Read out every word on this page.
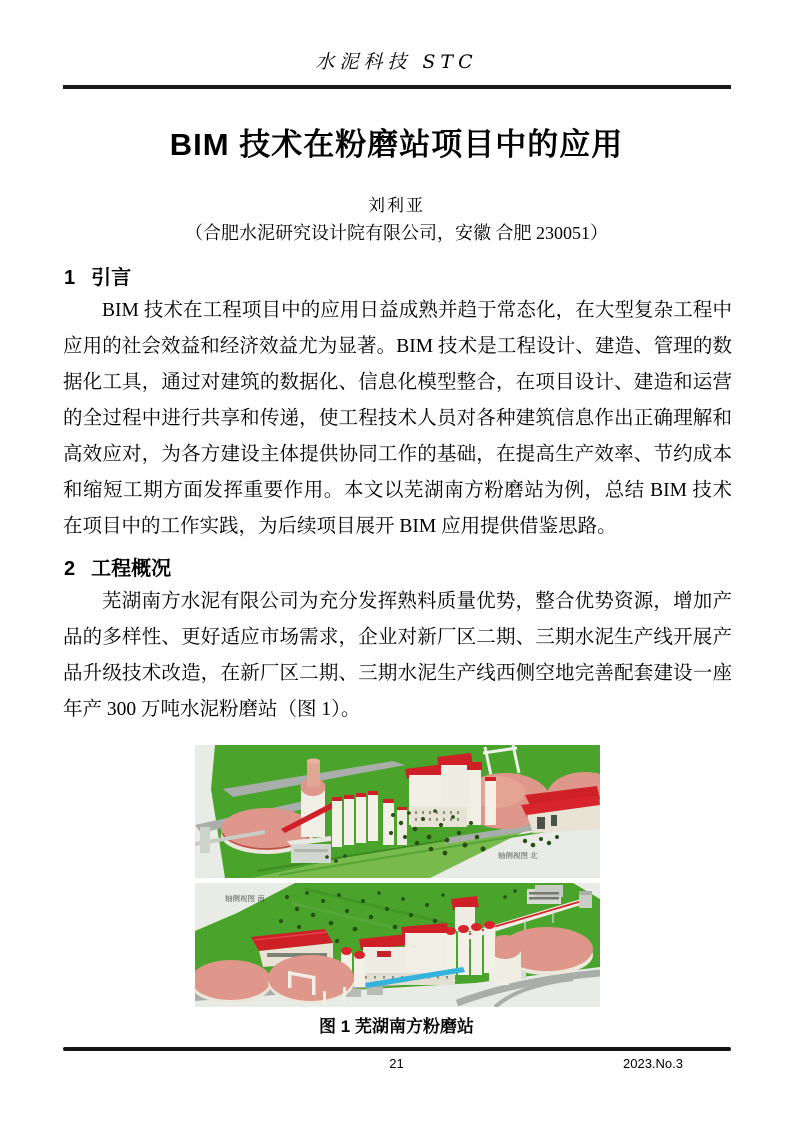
水泥科技 STC
BIM 技术在粉磨站项目中的应用
刘利亚
（合肥水泥研究设计院有限公司，安徽 合肥 230051）
1 引言

BIM 技术在工程项目中的应用日益成熟并趋于常态化，在大型复杂工程中应用的社会效益和经济效益尤为显著。BIM 技术是工程设计、建造、管理的数据化工具，通过对建筑的数据化、信息化模型整合，在项目设计、建造和运营的全过程中进行共享和传递，使工程技术人员对各种建筑信息作出正确理解和高效应对，为各方建设主体提供协同工作的基础，在提高生产效率、节约成本和缩短工期方面发挥重要作用。本文以芜湖南方粉磨站为例，总结 BIM 技术在项目中的工作实践，为后续项目展开 BIM 应用提供借鉴思路。

2 工程概况

芜湖南方水泥有限公司为充分发挥熟料质量优势，整合优势资源，增加产品的多样性、更好适应市场需求，企业对新厂区二期、三期水泥生产线开展产品升级技术改造，在新厂区二期、三期水泥生产线西侧空地完善配套建设一座年产 300 万吨水泥粉磨站（图 1）。

轴侧视图 北
轴侧视图 南
图 1 芜湖南方粉磨站
21	2023.No.3
